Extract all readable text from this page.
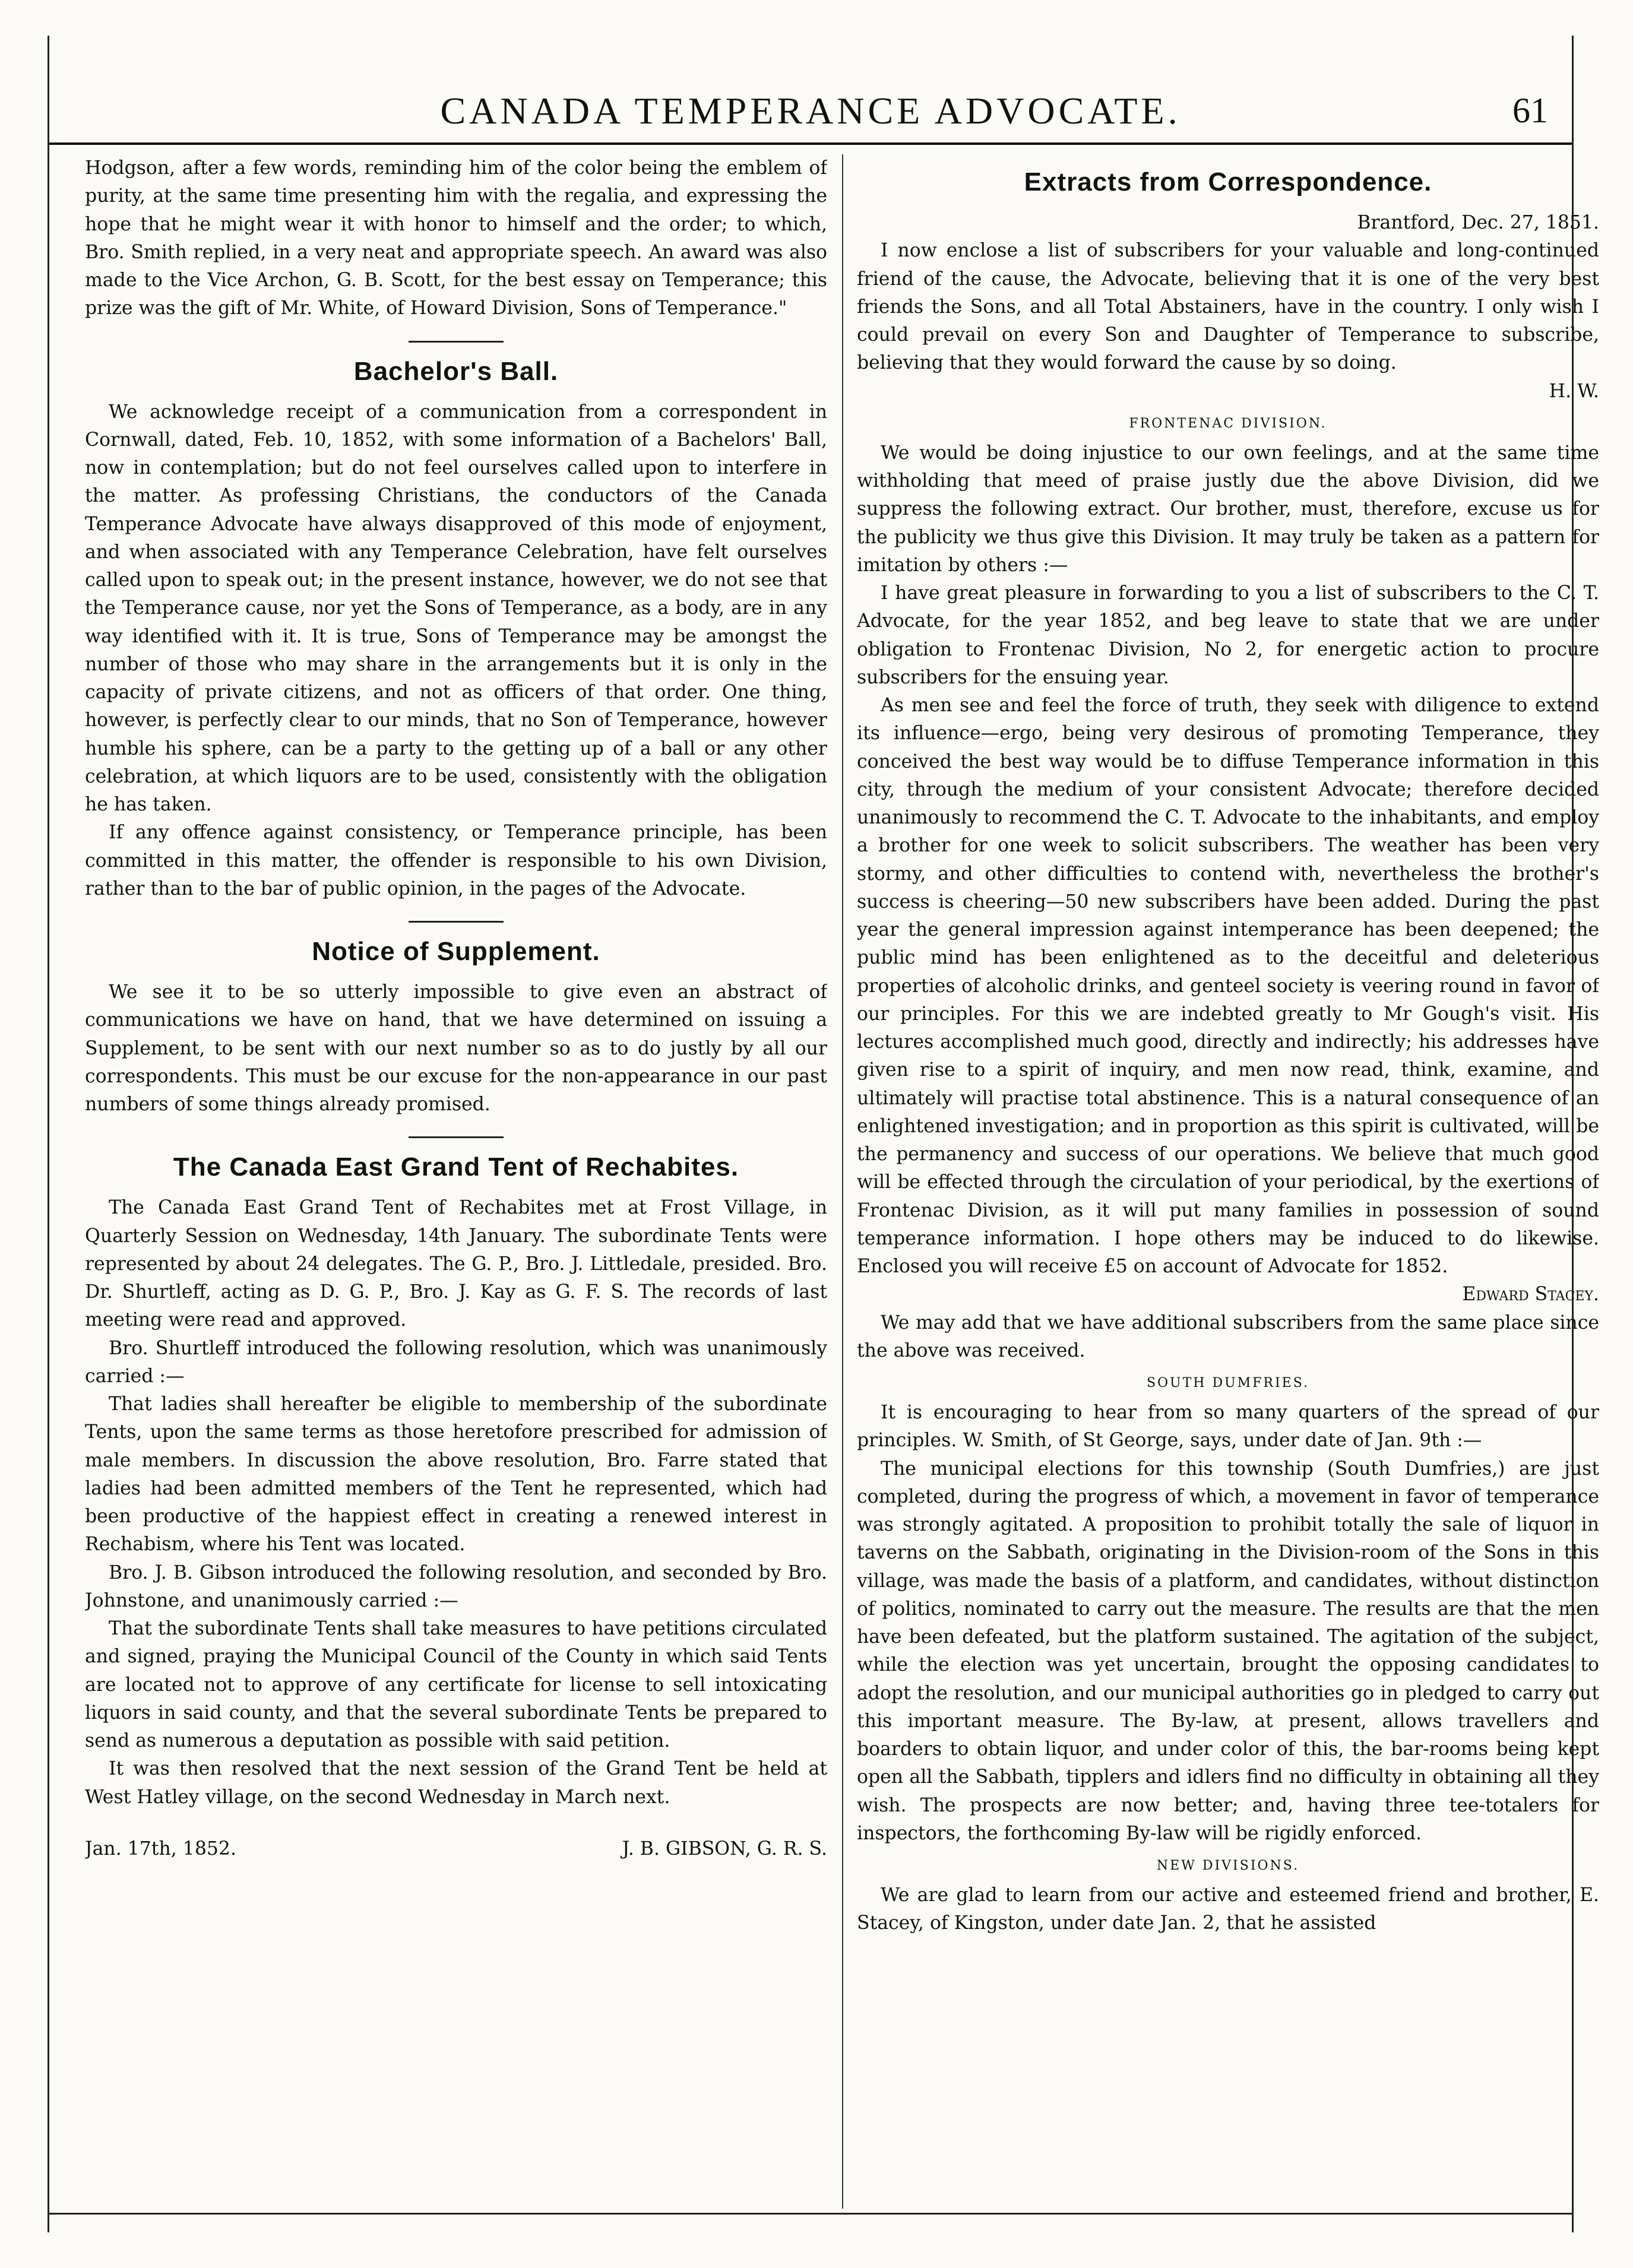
CANADA TEMPERANCE ADVOCATE.	61

Hodgson, after a few words, reminding him of the color being the emblem of purity, at the same time presenting him with the regalia, and expressing the hope that he might wear it with honor to himself and the order; to which, Bro. Smith replied, in a very neat and appropriate speech. An award was also made to the Vice Archon, G. B. Scott, for the best essay on Temperance; this prize was the gift of Mr. White, of Howard Division, Sons of Temperance."

Bachelor's Ball.

We acknowledge receipt of a communication from a correspondent in Cornwall, dated, Feb. 10, 1852, with some information of a Bachelors' Ball, now in contemplation; but do not feel ourselves called upon to interfere in the matter. As professing Christians, the conductors of the Canada Temperance Advocate have always disapproved of this mode of enjoyment, and when associated with any Temperance Celebration, have felt ourselves called upon to speak out; in the present instance, however, we do not see that the Temperance cause, nor yet the Sons of Temperance, as a body, are in any way identified with it. It is true, Sons of Temperance may be amongst the number of those who may share in the arrangements but it is only in the capacity of private citizens, and not as officers of that order. One thing, however, is perfectly clear to our minds, that no Son of Temperance, however humble his sphere, can be a party to the getting up of a ball or any other celebration, at which liquors are to be used, consistently with the obligation he has taken.

If any offence against consistency, or Temperance principle, has been committed in this matter, the offender is responsible to his own Division, rather than to the bar of public opinion, in the pages of the Advocate.

Notice of Supplement.

We see it to be so utterly impossible to give even an abstract of communications we have on hand, that we have determined on issuing a Supplement, to be sent with our next number so as to do justly by all our correspondents. This must be our excuse for the non-appearance in our past numbers of some things already promised.

The Canada East Grand Tent of Rechabites.

The Canada East Grand Tent of Rechabites met at Frost Village, in Quarterly Session on Wednesday, 14th January. The subordinate Tents were represented by about 24 delegates. The G. P., Bro. J. Littledale, presided. Bro. Dr. Shurtleff, acting as D. G. P., Bro. J. Kay as G. F. S. The records of last meeting were read and approved.

Bro. Shurtleff introduced the following resolution, which was unanimously carried :—

That ladies shall hereafter be eligible to membership of the subordinate Tents, upon the same terms as those heretofore prescribed for admission of male members. In discussion the above resolution, Bro. Farre stated that ladies had been admitted members of the Tent he represented, which had been productive of the happiest effect in creating a renewed interest in Rechabism, where his Tent was located.

Bro. J. B. Gibson introduced the following resolution, and seconded by Bro. Johnstone, and unanimously carried :—

That the subordinate Tents shall take measures to have petitions circulated and signed, praying the Municipal Council of the County in which said Tents are located not to approve of any certificate for license to sell intoxicating liquors in said county, and that the several subordinate Tents be prepared to send as numerous a deputation as possible with said petition.

It was then resolved that the next session of the Grand Tent be held at West Hatley village, on the second Wednesday in March next.

Jan. 17th, 1852.	J. B. GIBSON, G. R. S.
Extracts from Correspondence.

Brantford, Dec. 27, 1851.

I now enclose a list of subscribers for your valuable and long-continued friend of the cause, the Advocate, believing that it is one of the very best friends the Sons, and all Total Abstainers, have in the country. I only wish I could prevail on every Son and Daughter of Temperance to subscribe, believing that they would forward the cause by so doing.

H. W.

FRONTENAC DIVISION.

We would be doing injustice to our own feelings, and at the same time withholding that meed of praise justly due the above Division, did we suppress the following extract. Our brother, must, therefore, excuse us for the publicity we thus give this Division. It may truly be taken as a pattern for imitation by others :—

I have great pleasure in forwarding to you a list of subscribers to the C. T. Advocate, for the year 1852, and beg leave to state that we are under obligation to Frontenac Division, No 2, for energetic action to procure subscribers for the ensuing year.

As men see and feel the force of truth, they seek with diligence to extend its influence—ergo, being very desirous of promoting Temperance, they conceived the best way would be to diffuse Temperance information in this city, through the medium of your consistent Advocate; therefore decided unanimously to recommend the C. T. Advocate to the inhabitants, and employ a brother for one week to solicit subscribers. The weather has been very stormy, and other difficulties to contend with, nevertheless the brother's success is cheering—50 new subscribers have been added. During the past year the general impression against intemperance has been deepened; the public mind has been enlightened as to the deceitful and deleterious properties of alcoholic drinks, and genteel society is veering round in favor of our principles. For this we are indebted greatly to Mr Gough's visit. His lectures accomplished much good, directly and indirectly; his addresses have given rise to a spirit of inquiry, and men now read, think, examine, and ultimately will practise total abstinence. This is a natural consequence of an enlightened investigation; and in proportion as this spirit is cultivated, will be the permanency and success of our operations. We believe that much good will be effected through the circulation of your periodical, by the exertions of Frontenac Division, as it will put many families in possession of sound temperance information. I hope others may be induced to do likewise. Enclosed you will receive £5 on account of Advocate for 1852.

Edward Stacey.

We may add that we have additional subscribers from the same place since the above was received.

SOUTH DUMFRIES.

It is encouraging to hear from so many quarters of the spread of our principles. W. Smith, of St George, says, under date of Jan. 9th :—

The municipal elections for this township (South Dumfries,) are just completed, during the progress of which, a movement in favor of temperance was strongly agitated. A proposition to prohibit totally the sale of liquor in taverns on the Sabbath, originating in the Division-room of the Sons in this village, was made the basis of a platform, and candidates, without distinction of politics, nominated to carry out the measure. The results are that the men have been defeated, but the platform sustained. The agitation of the subject, while the election was yet uncertain, brought the opposing candidates to adopt the resolution, and our municipal authorities go in pledged to carry out this important measure. The By-law, at present, allows travellers and boarders to obtain liquor, and under color of this, the bar-rooms being kept open all the Sabbath, tipplers and idlers find no difficulty in obtaining all they wish. The prospects are now better; and, having three tee-totalers for inspectors, the forthcoming By-law will be rigidly enforced.

NEW DIVISIONS.

We are glad to learn from our active and esteemed friend and brother, E. Stacey, of Kingston, under date Jan. 2, that he assisted
